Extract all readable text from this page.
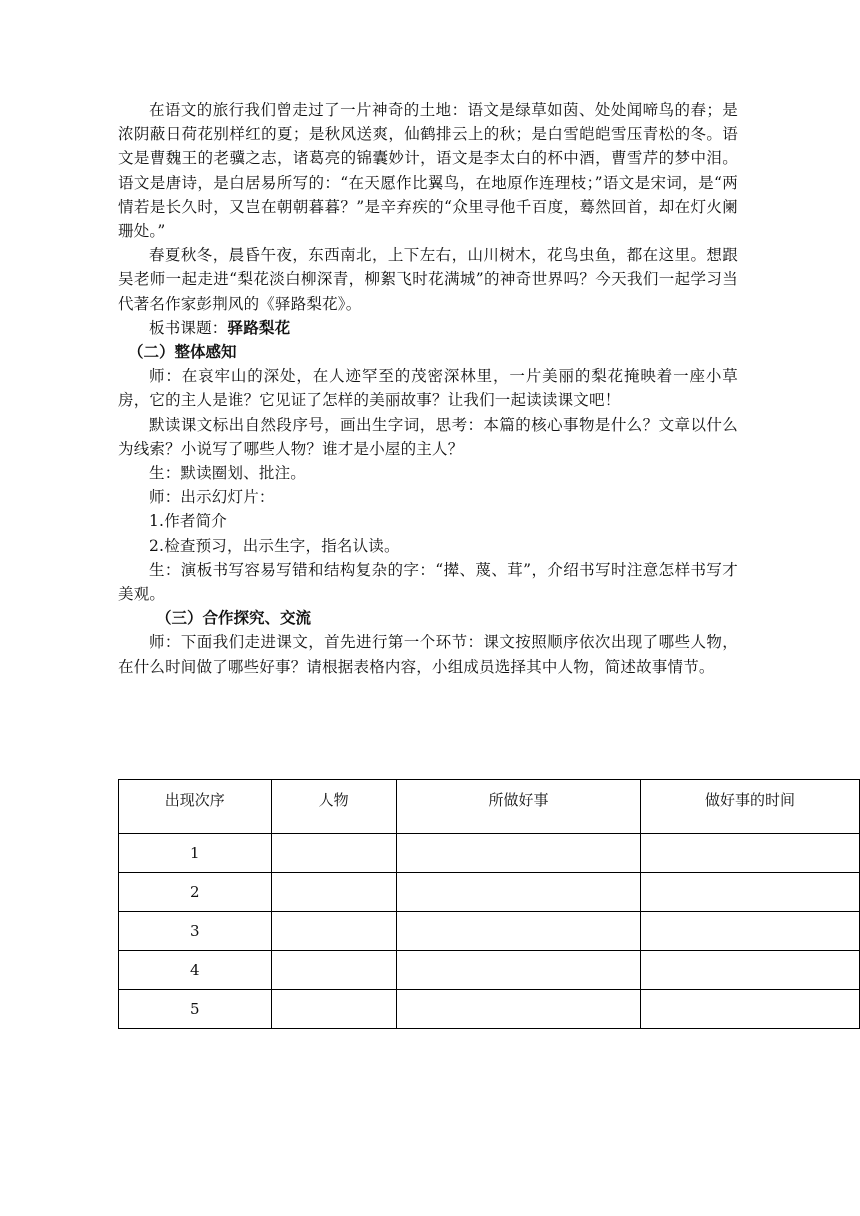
在语文的旅行我们曾走过了一片神奇的土地：语文是绿草如茵、处处闻啼鸟的春；是浓阴蔽日荷花别样红的夏；是秋风送爽，仙鹤排云上的秋；是白雪皑皑雪压青松的冬。语文是曹魏王的老骥之志，诸葛亮的锦囊妙计，语文是李太白的杯中酒，曹雪芹的梦中泪。语文是唐诗，是白居易所写的：“在天愿作比翼鸟，在地原作连理枝；”语文是宋词，是“两情若是长久时，又岂在朝朝暮暮？”是辛弃疾的“众里寻他千百度，蓦然回首，却在灯火阑珊处。”

春夏秋冬，晨昏午夜，东西南北，上下左右，山川树木，花鸟虫鱼，都在这里。想跟吴老师一起走进“梨花淡白柳深青，柳絮飞时花满城”的神奇世界吗？今天我们一起学习当代著名作家彭荆风的《驿路梨花》。

板书课题：驿路梨花

（二）整体感知

师：在哀牢山的深处，在人迹罕至的茂密深林里，一片美丽的梨花掩映着一座小草房，它的主人是谁？它见证了怎样的美丽故事？让我们一起读读课文吧！

默读课文标出自然段序号，画出生字词，思考：本篇的核心事物是什么？文章以什么为线索？小说写了哪些人物？谁才是小屋的主人？

生：默读圈划、批注。

师：出示幻灯片：

1.作者简介

2.检查预习，出示生字，指名认读。

生：演板书写容易写错和结构复杂的字：“撵、蔑、茸”，介绍书写时注意怎样书写才美观。

（三）合作探究、交流

师：下面我们走进课文，首先进行第一个环节：课文按照顺序依次出现了哪些人物，在什么时间做了哪些好事？请根据表格内容，小组成员选择其中人物，简述故事情节。

出现次序	人物	所做好事	做好事的时间
1			
2			
3			
4			
5			
